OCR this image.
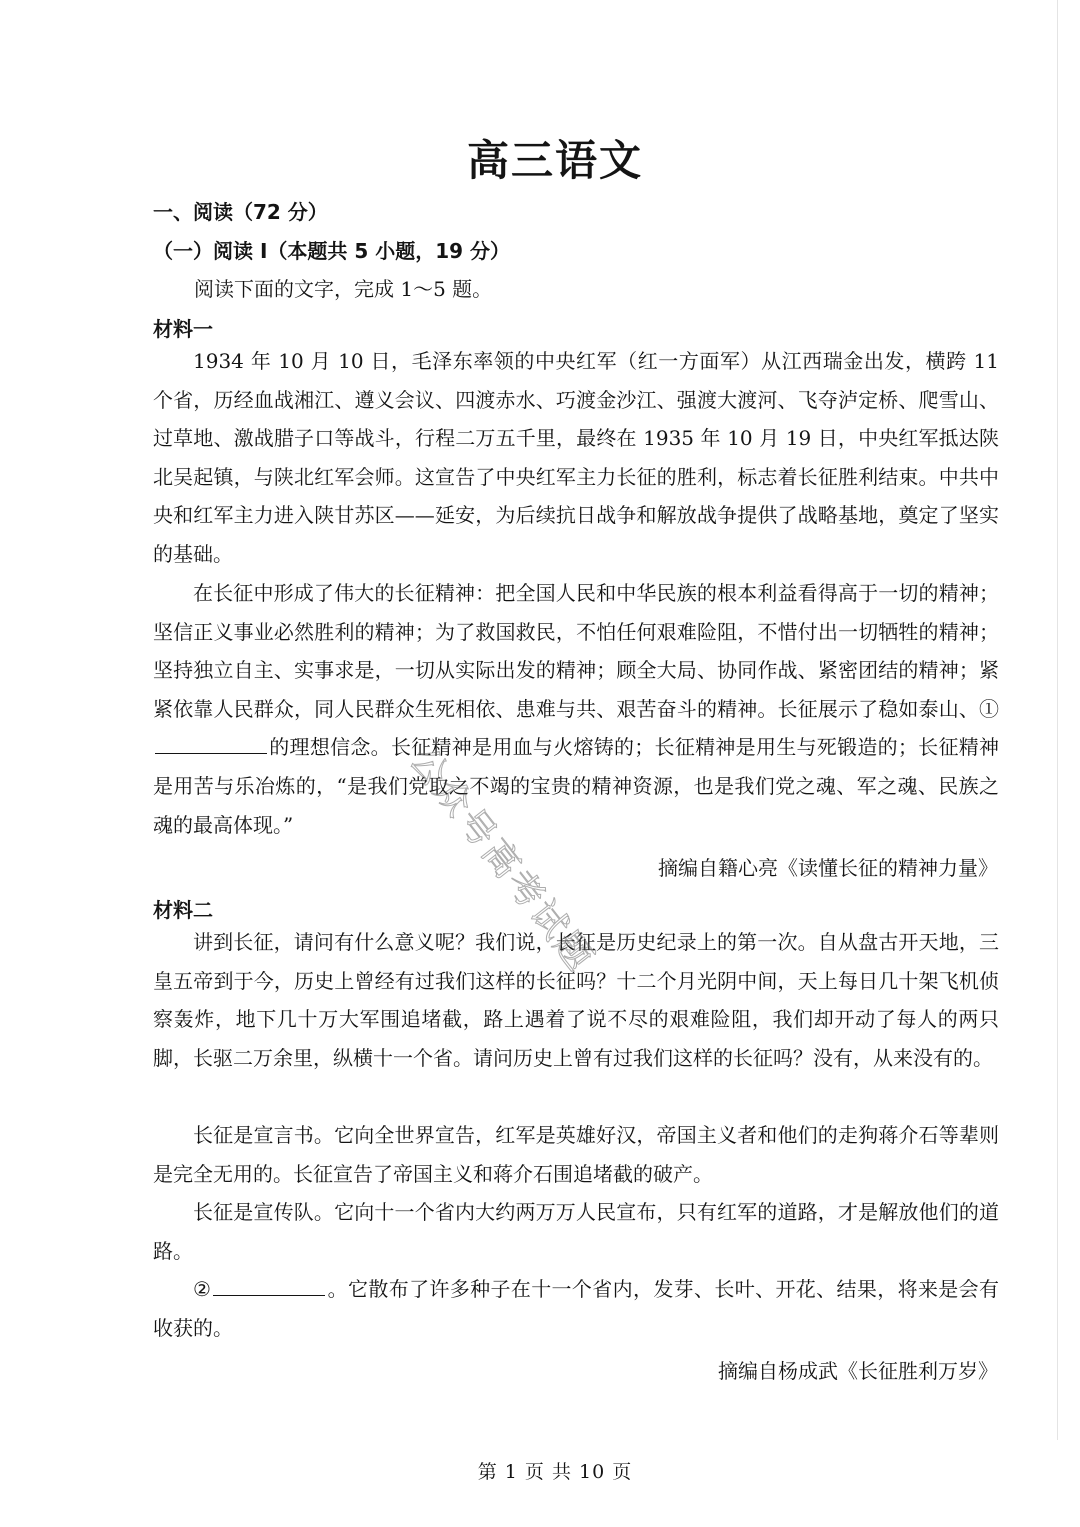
高三语文
一、阅读（72 分）
（一）阅读 I（本题共 5 小题，19 分）
阅读下面的文字，完成 1～5 题。
材料一

1934 年 10 月 10 日，毛泽东率领的中央红军（红一方面军）从江西瑞金出发，横跨 11 个省，历经血战湘江、遵义会议、四渡赤水、巧渡金沙江、强渡大渡河、飞夺泸定桥、爬雪山、过草地、激战腊子口等战斗，行程二万五千里，最终在 1935 年 10 月 19 日，中央红军抵达陕北吴起镇，与陕北红军会师。这宣告了中央红军主力长征的胜利，标志着长征胜利结束。中共中央和红军主力进入陕甘苏区——延安，为后续抗日战争和解放战争提供了战略基地，奠定了坚实的基础。

在长征中形成了伟大的长征精神：把全国人民和中华民族的根本利益看得高于一切的精神；坚信正义事业必然胜利的精神；为了救国救民，不怕任何艰难险阻，不惜付出一切牺牲的精神；坚持独立自主、实事求是，一切从实际出发的精神；顾全大局、协同作战、紧密团结的精神；紧紧依靠人民群众，同人民群众生死相依、患难与共、艰苦奋斗的精神。长征展示了稳如泰山、①的理想信念。长征精神是用血与火熔铸的；长征精神是用生与死锻造的；长征精神是用苦与乐冶炼的，“是我们党取之不竭的宝贵的精神资源，也是我们党之魂、军之魂、民族之魂的最高体现。”

摘编自籍心亮《读懂长征的精神力量》
材料二

讲到长征，请问有什么意义呢？我们说，长征是历史纪录上的第一次。自从盘古开天地，三皇五帝到于今，历史上曾经有过我们这样的长征吗？十二个月光阴中间，天上每日几十架飞机侦察轰炸，地下几十万大军围追堵截，路上遇着了说不尽的艰难险阻，我们却开动了每人的两只脚，长驱二万余里，纵横十一个省。请问历史上曾有过我们这样的长征吗？没有，从来没有的。

长征是宣言书。它向全世界宣告，红军是英雄好汉，帝国主义者和他们的走狗蒋介石等辈则是完全无用的。长征宣告了帝国主义和蒋介石围追堵截的破产。

长征是宣传队。它向十一个省内大约两万万人民宣布，只有红军的道路，才是解放他们的道路。

②	。它散布了许多种子在十一个省内，发芽、长叶、开花、结果，将来是会有收获的。

摘编自杨成武《长征胜利万岁》
第 1 页 共 10 页
公众号高考试题
